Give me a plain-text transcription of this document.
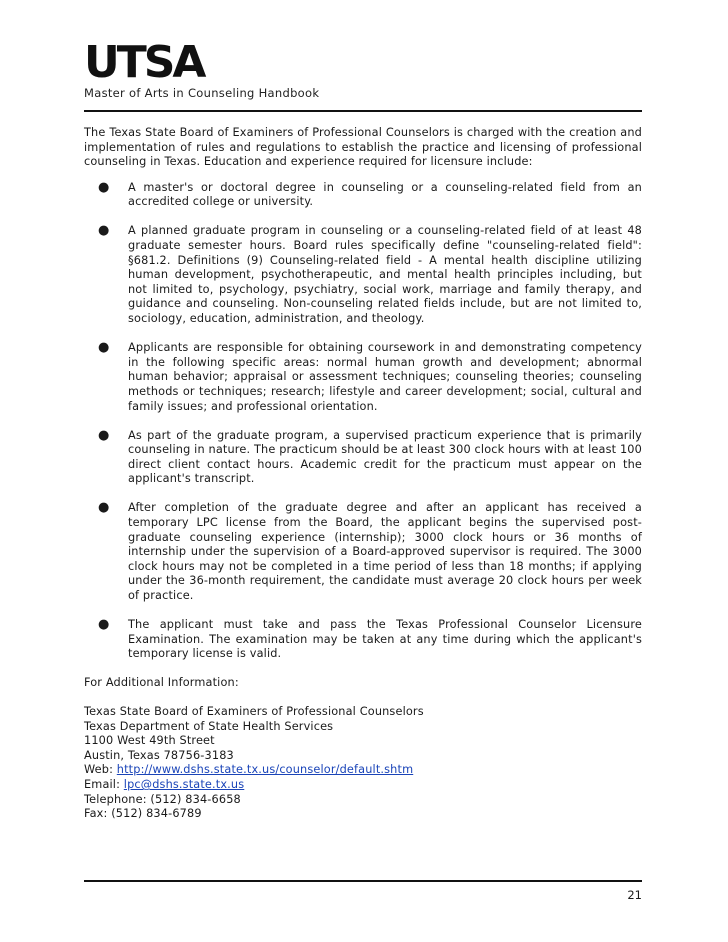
UTSA
Master of Arts in Counseling Handbook

The Texas State Board of Examiners of Professional Counselors is charged with the creation and implementation of rules and regulations to establish the practice and licensing of professional counseling in Texas. Education and experience required for licensure include:

● A master's or doctoral degree in counseling or a counseling-related field from an accredited college or university.
● A planned graduate program in counseling or a counseling-related field of at least 48 graduate semester hours. Board rules specifically define "counseling-related field": §681.2. Definitions (9) Counseling-related field - A mental health discipline utilizing human development, psychotherapeutic, and mental health principles including, but not limited to, psychology, psychiatry, social work, marriage and family therapy, and guidance and counseling. Non-counseling related fields include, but are not limited to, sociology, education, administration, and theology.
● Applicants are responsible for obtaining coursework in and demonstrating competency in the following specific areas: normal human growth and development; abnormal human behavior; appraisal or assessment techniques; counseling theories; counseling methods or techniques; research; lifestyle and career development; social, cultural and family issues; and professional orientation.
● As part of the graduate program, a supervised practicum experience that is primarily counseling in nature. The practicum should be at least 300 clock hours with at least 100 direct client contact hours. Academic credit for the practicum must appear on the applicant's transcript.
● After completion of the graduate degree and after an applicant has received a temporary LPC license from the Board, the applicant begins the supervised post-graduate counseling experience (internship); 3000 clock hours or 36 months of internship under the supervision of a Board-approved supervisor is required. The 3000 clock hours may not be completed in a time period of less than 18 months; if applying under the 36-month requirement, the candidate must average 20 clock hours per week of practice.
● The applicant must take and pass the Texas Professional Counselor Licensure Examination. The examination may be taken at any time during which the applicant's temporary license is valid.

For Additional Information:

Texas State Board of Examiners of Professional Counselors
Texas Department of State Health Services
1100 West 49th Street
Austin, Texas 78756-3183
Web: http://www.dshs.state.tx.us/counselor/default.shtm
Email: lpc@dshs.state.tx.us
Telephone: (512) 834-6658
Fax: (512) 834-6789
21
